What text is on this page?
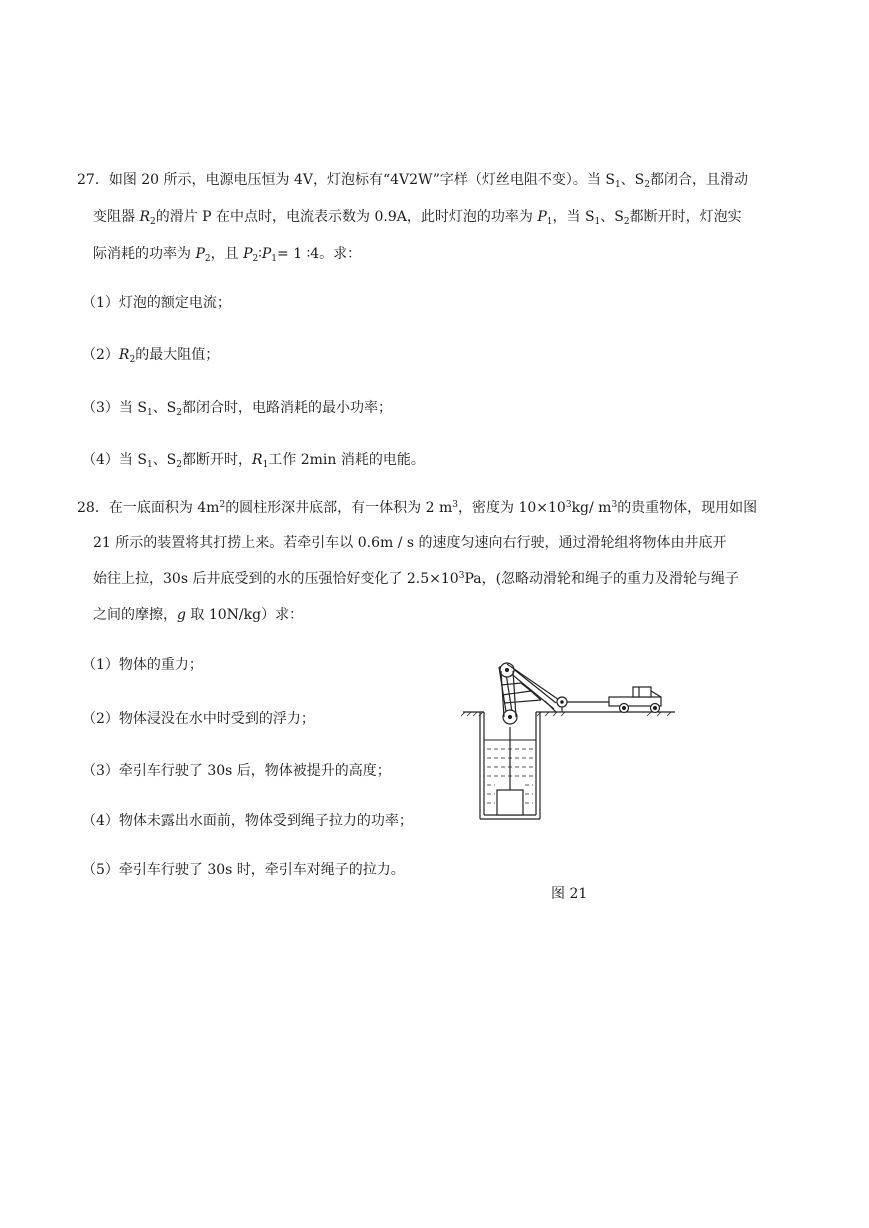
27．如图 20 所示，电源电压恒为 4V，灯泡标有“4V2W”字样（灯丝电阻不变）。当 $S_1$、$S_2$都闭合，且滑动
变阻器 $R_2$的滑片 P 在中点时，电流表示数为 0.9A，此时灯泡的功率为 $P_1$，当 $S_1$、$S_2$都断开时，灯泡实
际消耗的功率为 $P_2$，且 $P_2∶P_1= 1$ ∶4。求：
（1）灯泡的额定电流；
$(2)R_2$的最大阻值；
（3）当 $S_1$、$S_2$都闭合时，电路消耗的最小功率；
（4）当 $S_1$、$S_2$都断开时，$R_1$工作 2min 消耗的电能。
28．在一底面积为 $4m^2$的圆柱形深井底部，有一体积为 2 $m^3$，密度为 $10\times 10^3kg/$ $m^3$的贵重物体，现用如图
21 所示的装置将其打捞上来。若牵引车以 0.6m / s 的速度匀速向右行驶，通过滑轮组将物体由井底开
始往上拉，30s 后井底受到的水的压强恰好变化了 $2.5\times 10^3Pa$，(忽略动滑轮和绳子的重力及滑轮与绳子
之间的摩擦，g 取 10N/kg）求：
（1）物体的重力；
（2）物体浸没在水中时受到的浮力；
（3）牵引车行驶了 30s 后，物体被提升的高度；
（4）物体未露出水面前，物体受到绳子拉力的功率；
（5）牵引车行驶了 30s 时，牵引车对绳子的拉力。
图 21
